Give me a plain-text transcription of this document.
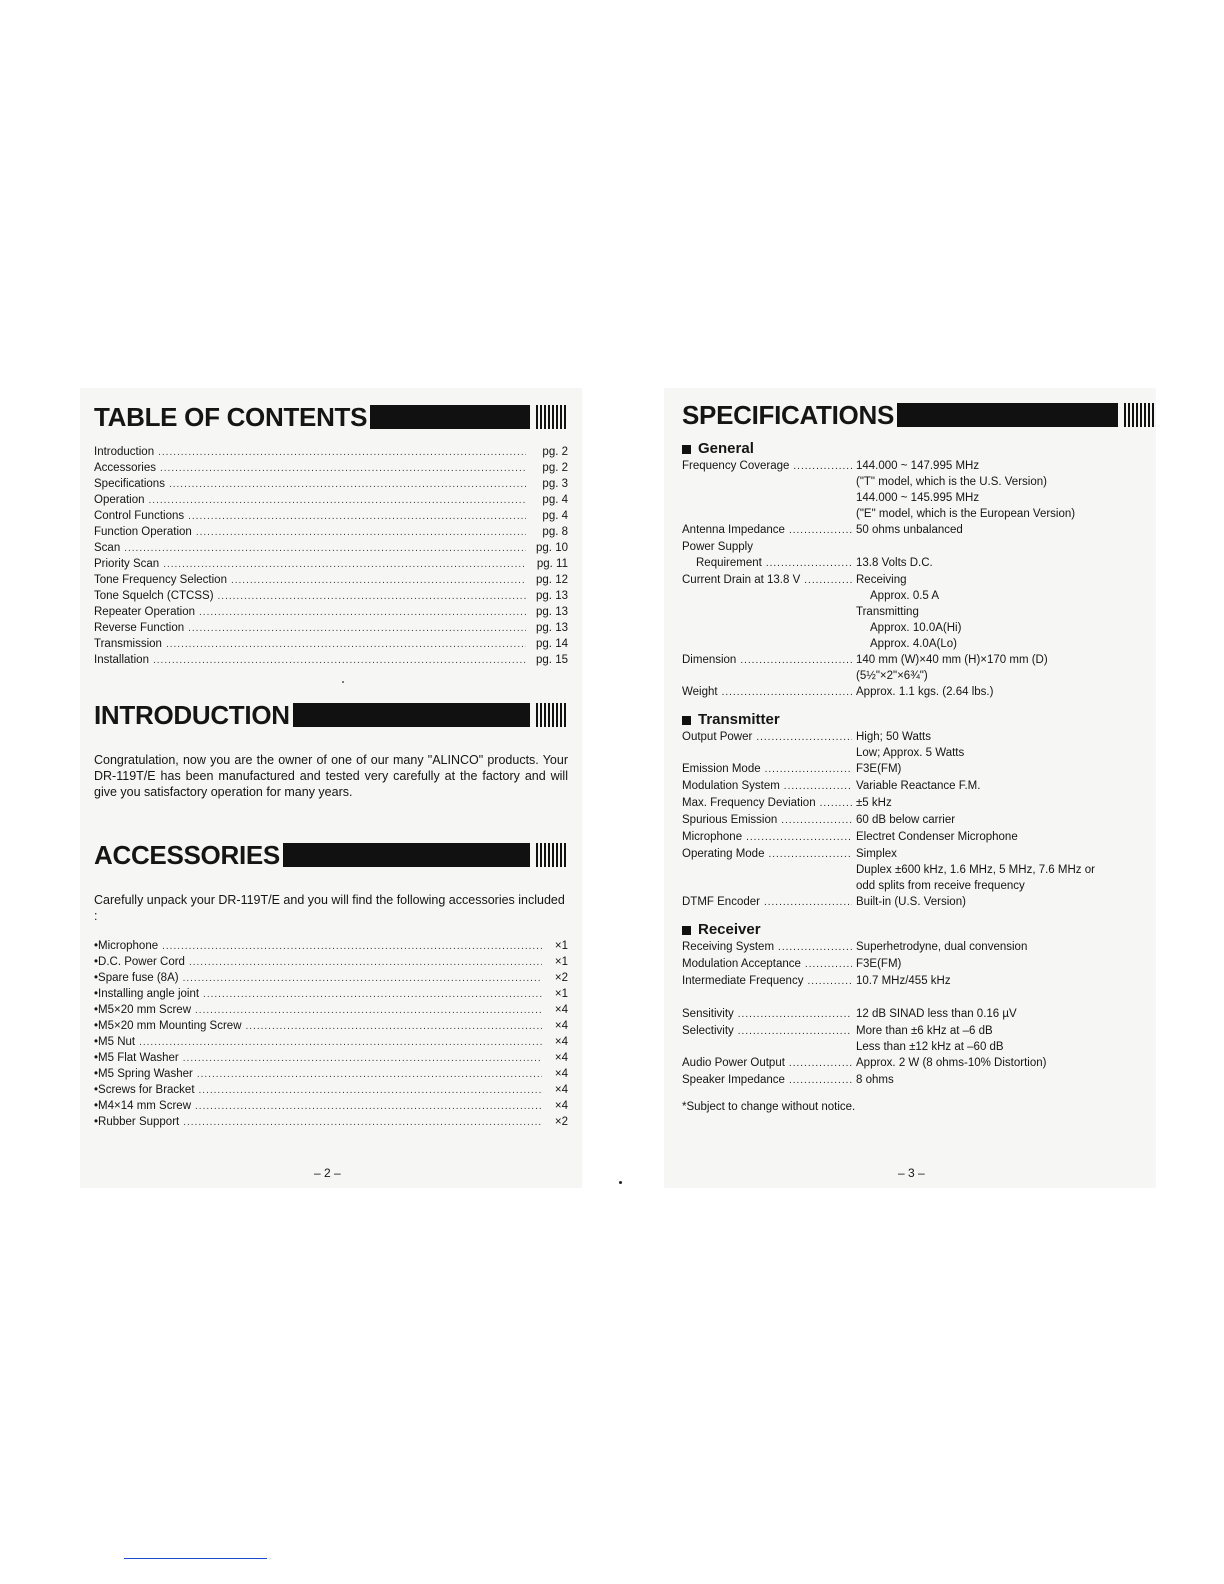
TABLE OF CONTENTS
Introduction .....	pg. 2
Accessories .....	pg. 2
Specifications .....	pg. 3
Operation .....	pg. 4
Control Functions .....	pg. 4
Function Operation .....	pg. 8
Scan .....	pg. 10
Priority Scan .....	pg. 11
Tone Frequency Selection .....	pg. 12
Tone Squelch (CTCSS) .....	pg. 13
Repeater Operation .....	pg. 13
Reverse Function .....	pg. 13
Transmission .....	pg. 14
Installation .....	pg. 15
INTRODUCTION
Congratulation, now you are the owner of one of our many "ALINCO" products. Your DR-119T/E has been manufactured and tested very carefully at the factory and will give you satisfactory operation for many years.
ACCESSORIES
Carefully unpack your DR-119T/E and you will find the following accessories included :
•Microphone .....	×1
•D.C. Power Cord .....	×1
•Spare fuse (8A) .....	×2
•Installing angle joint .....	×1
•M5×20 mm Screw .....	×4
•M5×20 mm Mounting Screw .....	×4
•M5 Nut .....	×4
•M5 Flat Washer .....	×4
•M5 Spring Washer .....	×4
•Screws for Bracket .....	×4
•M4×14 mm Screw .....	×4
•Rubber Support .....	×2
SPECIFICATIONS
General
Frequency Coverage .....	144.000 ~ 147.995 MHz
("T" model, which is the U.S. Version)
144.000 ~ 145.995 MHz
("E" model, which is the European Version)
Antenna Impedance .....	50 ohms unbalanced
Power Supply
Requirement .....	13.8 Volts D.C.
Current Drain at 13.8 V .....	Receiving
Approx. 0.5 A
Transmitting
Approx. 10.0A(Hi)
Approx. 4.0A(Lo)
Dimension .....	140 mm (W)×40 mm (H)×170 mm (D)
(5½"×2"×6¾")
Weight .....	Approx. 1.1 kgs. (2.64 lbs.)
Transmitter
Output Power .....	High; 50 Watts
Low; Approx. 5 Watts
Emission Mode .....	F3E(FM)
Modulation System .....	Variable Reactance F.M.
Max. Frequency Deviation .....	±5 kHz
Spurious Emission .....	60 dB below carrier
Microphone .....	Electret Condenser Microphone
Operating Mode .....	Simplex
Duplex ±600 kHz, 1.6 MHz, 5 MHz, 7.6 MHz or
odd splits from receive frequency
DTMF Encoder .....	Built-in (U.S. Version)
Receiver
Receiving System .....	Superhetrodyne, dual convension
Modulation Acceptance .....	F3E(FM)
Intermediate Frequency .....	10.7 MHz/455 kHz
Sensitivity .....	12 dB SINAD less than 0.16 µV
Selectivity .....	More than ±6 kHz at –6 dB
Less than ±12 kHz at –60 dB
Audio Power Output .....	Approx. 2 W (8 ohms-10% Distortion)
Speaker Impedance .....	8 ohms
*Subject to change without notice.
– 2 –	– 3 –
